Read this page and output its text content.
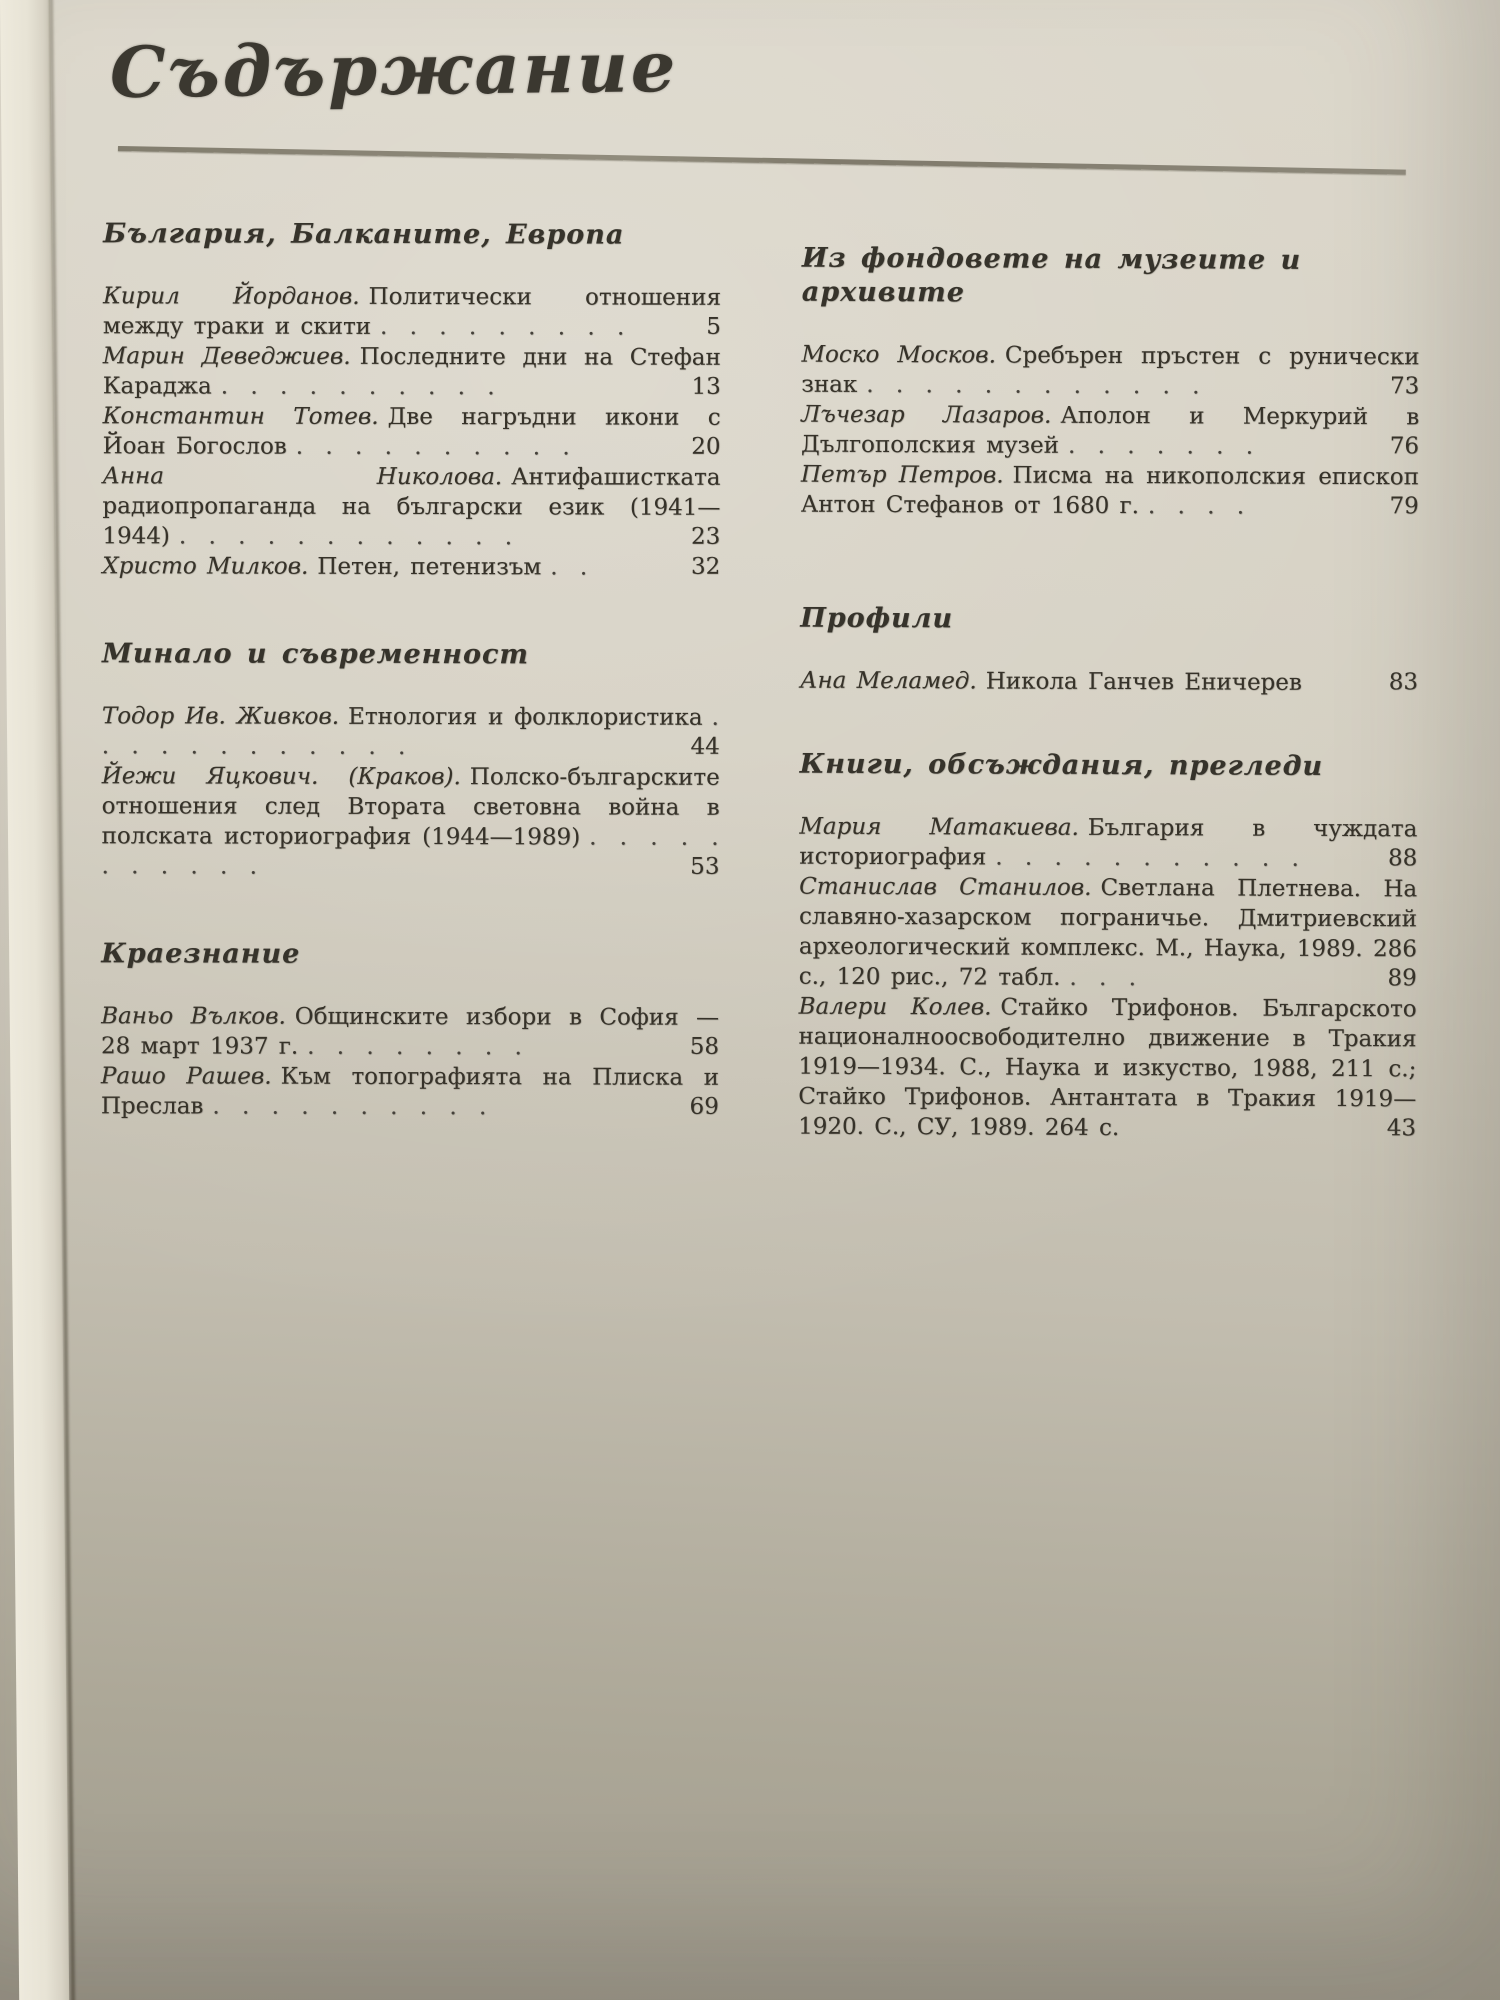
Съдържание
България, Балканите, Европа

Кирил Йорданов. Политически отношения между траки и скити . . . . . . . . .	5

Марин Деведжиев. Последните дни на Стефан Караджа . . . . . . . . . .	13

Константин Тотев. Две нагръдни икони с Йоан Богослов . . . . . . . . . .	20

Анна Николова. Антифашистката радиопропаганда на български език (1941—1944) . . . . . . . . . . . .	23

Христо Милков. Петен, петенизъм . .	32

Минало и съвременност

Тодор Ив. Живков. Етнология и фолклористика . . . . . . . . . . . .	44

Йежи Яцкович. (Краков). Полско-българските отношения след Втората световна война в полската историография (1944—1989) . . . . . . . . . . .	53

Краезнание

Ваньо Вълков. Общинските избори в София — 28 март 1937 г. . . . . . . . .	58

Рашо Рашев. Към топографията на Плиска и Преслав . . . . . . . . . .	69

Из фондовете на музеите и архивите

Моско Москов. Сребърен пръстен с рунически знак . . . . . . . . . . . .	73

Лъчезар Лазаров. Аполон и Меркурий в Дългополския музей . . . . . . .	76

Петър Петров. Писма на никополския епископ Антон Стефанов от 1680 г. . . . .	79

Профили

Ана Меламед. Никола Ганчев Еничерев	83

Книги, обсъждания, прегледи

Мария Матакиева. България в чуждата историография . . . . . . . . . . .	88

Станислав Станилов. Светлана Плетнева. На славяно-хазарском пограничье. Дмитриевский археологический комплекс. М., Наука, 1989. 286 с., 120 рис., 72 табл. . . .	89

Валери Колев. Стайко Трифонов. Българското националноосвободително движение в Тракия 1919—1934. С., Наука и изкуство, 1988, 211 с.; Стайко Трифонов. Антантата в Тракия 1919—1920. С., СУ, 1989. 264 с.	43
